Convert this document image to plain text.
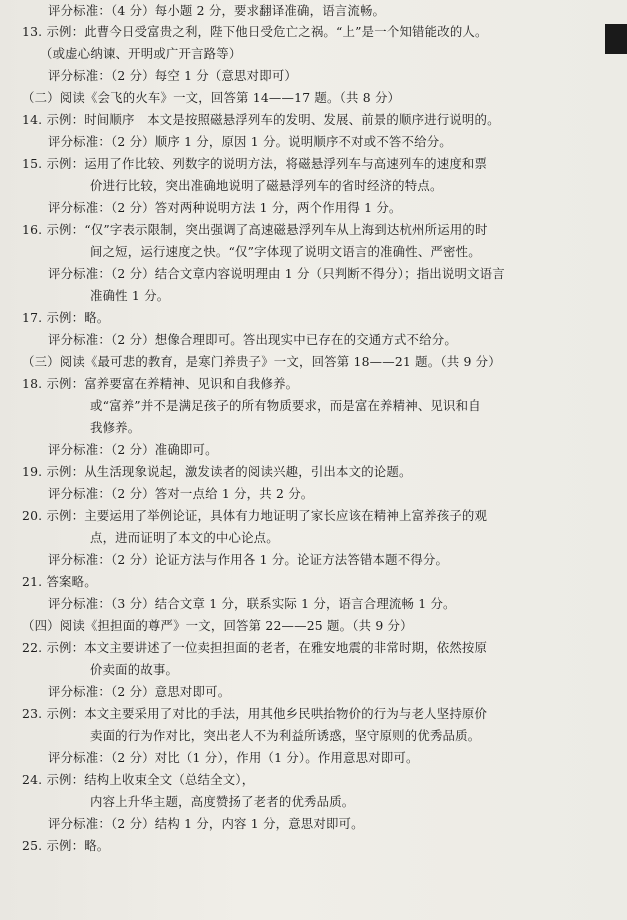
评分标准：（4 分）每小题 2 分，要求翻译准确，语言流畅。
13. 示例：此曹今日受富贵之利，陛下他日受危亡之祸。“上”是一个知错能改的人。
（或虚心纳谏、开明或广开言路等）
评分标准：（2 分）每空 1 分（意思对即可）
（二）阅读《会飞的火车》一文，回答第 14——17 题。（共 8 分）
14. 示例：时间顺序　本文是按照磁悬浮列车的发明、发展、前景的顺序进行说明的。
评分标准：（2 分）顺序 1 分，原因 1 分。说明顺序不对或不答不给分。
15. 示例：运用了作比较、列数字的说明方法，将磁悬浮列车与高速列车的速度和票
价进行比较，突出准确地说明了磁悬浮列车的省时经济的特点。
评分标准：（2 分）答对两种说明方法 1 分，两个作用得 1 分。
16. 示例：“仅”字表示限制，突出强调了高速磁悬浮列车从上海到达杭州所运用的时
间之短，运行速度之快。“仅”字体现了说明文语言的准确性、严密性。
评分标准：（2 分）结合文章内容说明理由 1 分（只判断不得分）；指出说明文语言
准确性 1 分。
17. 示例：略。
评分标准：（2 分）想像合理即可。答出现实中已存在的交通方式不给分。
（三）阅读《最可悲的教育，是寒门养贵子》一文，回答第 18——21 题。（共 9 分）
18. 示例：富养要富在养精神、见识和自我修养。
或“富养”并不是满足孩子的所有物质要求，而是富在养精神、见识和自
我修养。
评分标准：（2 分）准确即可。
19. 示例：从生活现象说起，激发读者的阅读兴趣，引出本文的论题。
评分标准：（2 分）答对一点给 1 分，共 2 分。
20. 示例：主要运用了举例论证，具体有力地证明了家长应该在精神上富养孩子的观
点，进而证明了本文的中心论点。
评分标准：（2 分）论证方法与作用各 1 分。论证方法答错本题不得分。
21. 答案略。
评分标准：（3 分）结合文章 1 分，联系实际 1 分，语言合理流畅 1 分。
（四）阅读《担担面的尊严》一文，回答第 22——25 题。（共 9 分）
22. 示例：本文主要讲述了一位卖担担面的老者，在雅安地震的非常时期，依然按原
价卖面的故事。
评分标准：（2 分）意思对即可。
23. 示例：本文主要采用了对比的手法，用其他乡民哄抬物价的行为与老人坚持原价
卖面的行为作对比，突出老人不为利益所诱惑，坚守原则的优秀品质。
评分标准：（2 分）对比（1 分），作用（1 分）。作用意思对即可。
24. 示例：结构上收束全文（总结全文），
内容上升华主题，高度赞扬了老者的优秀品质。
评分标准：（2 分）结构 1 分，内容 1 分，意思对即可。
25. 示例：略。
